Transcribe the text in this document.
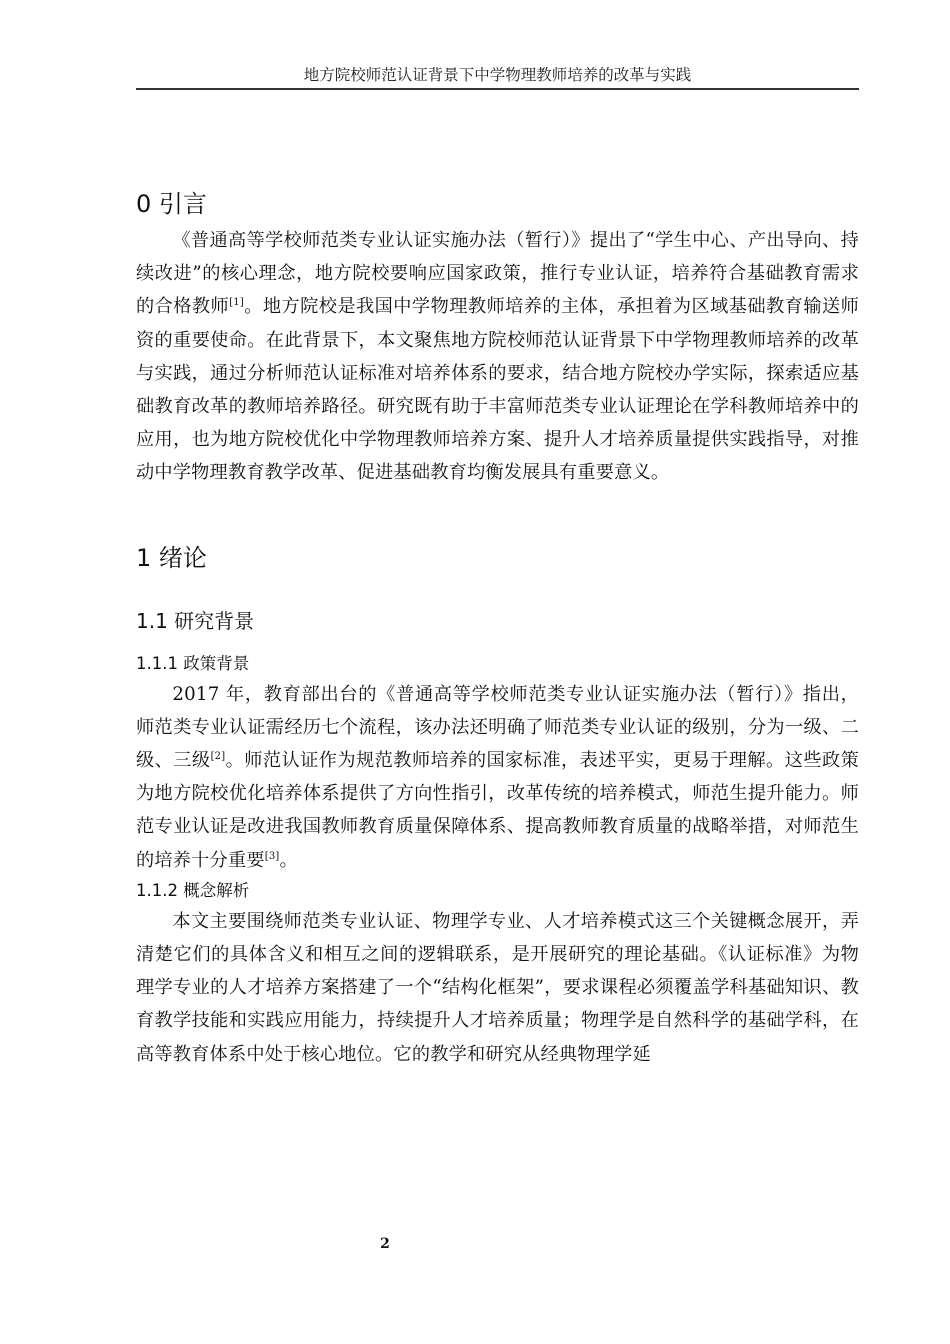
地方院校师范认证背景下中学物理教师培养的改革与实践
0 引言

《普通高等学校师范类专业认证实施办法（暂行）》提出了“学生中心、产出导向、持续改进”的核心理念，地方院校要响应国家政策，推行专业认证，培养符合基础教育需求的合格教师[1]。地方院校是我国中学物理教师培养的主体，承担着为区域基础教育输送师资的重要使命。在此背景下，本文聚焦地方院校师范认证背景下中学物理教师培养的改革与实践，通过分析师范认证标准对培养体系的要求，结合地方院校办学实际，探索适应基础教育改革的教师培养路径。研究既有助于丰富师范类专业认证理论在学科教师培养中的应用，也为地方院校优化中学物理教师培养方案、提升人才培养质量提供实践指导，对推动中学物理教育教学改革、促进基础教育均衡发展具有重要意义。

1 绪论
1.1 研究背景
1.1.1 政策背景

2017 年，教育部出台的《普通高等学校师范类专业认证实施办法（暂行）》指出，师范类专业认证需经历七个流程，该办法还明确了师范类专业认证的级别，分为一级、二级、三级[2]。师范认证作为规范教师培养的国家标准，表述平实，更易于理解。这些政策为地方院校优化培养体系提供了方向性指引，改革传统的培养模式，师范生提升能力。师范专业认证是改进我国教师教育质量保障体系、提高教师教育质量的战略举措，对师范生的培养十分重要[3]。

1.1.2 概念解析

本文主要围绕师范类专业认证、物理学专业、人才培养模式这三个关键概念展开，弄清楚它们的具体含义和相互之间的逻辑联系，是开展研究的理论基础。《认证标准》为物理学专业的人才培养方案搭建了一个“结构化框架”，要求课程必须覆盖学科基础知识、教育教学技能和实践应用能力，持续提升人才培养质量；物理学是自然科学的基础学科，在高等教育体系中处于核心地位。它的教学和研究从经典物理学延

2
